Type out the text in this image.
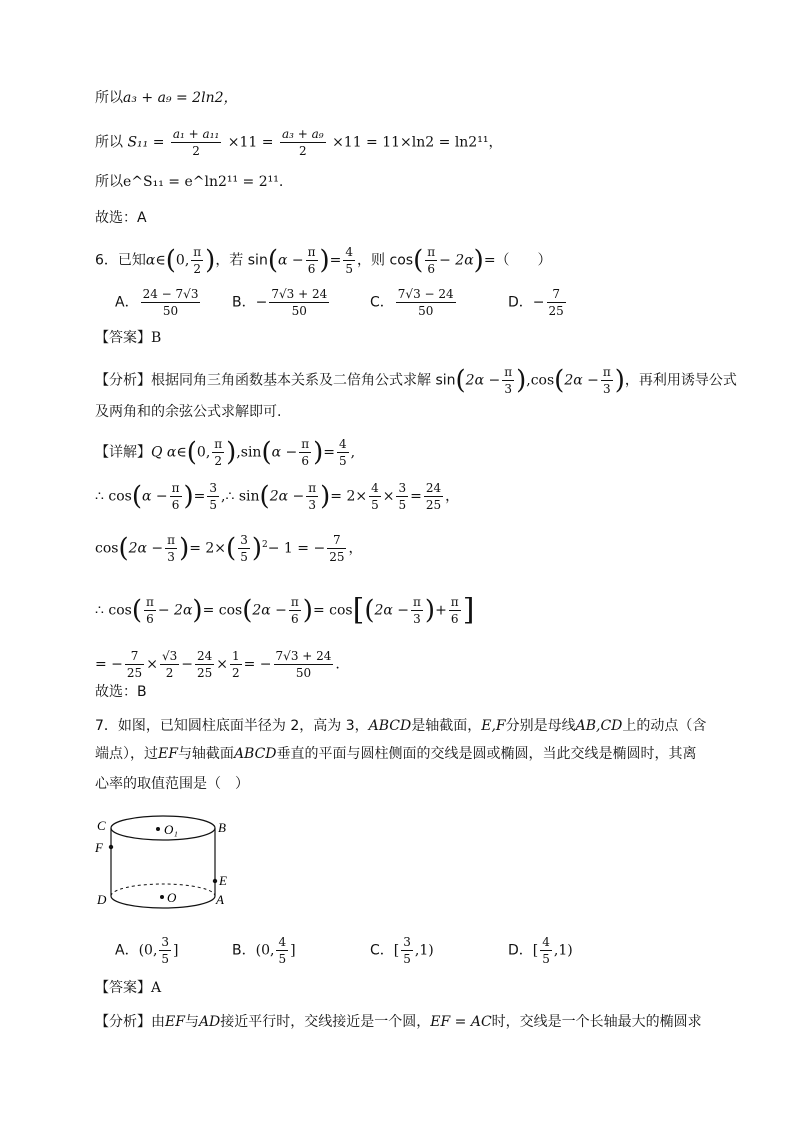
所以a₃ + a₉ = 2ln2，
所以 $S_{11} = \frac{\text{a₁ + a₁₁}}{2} \times 11 = \frac{\text{a₃ + a₉}}{2} \times 11 = 11\times\ln 2 = \ln 2^{11}$，
所以e^S₁₁ = e^ln2¹¹ = 2¹¹.
故选：A
6．已知α∈(0, $\frac{\pi}{2}$ )，若 $\sin(\alpha - \frac{\pi}{6}$ )= $\frac{4}{5}$ ，则 $\cos( \frac{\pi}{6} - 2\alpha)=$（　　）
A． $\frac{24 - 7√3}{50}$ B．− $\frac{7√3 + 24}{50}$	C． $\frac{7√3 - 24}{50}$	D．− $\frac{7}{25}$
【答案】B
【分析】根据同角三角函数基本关系及二倍角公式求解 $\sin(2\alpha - \frac{\pi}{3} ),\cos(2\alpha - \frac{\pi}{3}$ )，再利用诱导公式
及两角和的余弦公式求解即可.
【详解】Q α∈(0, $\frac{\pi}{2} ),\sin(\alpha - \frac{\pi}{6}$ )= $\frac{4}{5}$ ,
∴ $\cos(\alpha - \frac{\pi}{6}$ )= $\frac{3}{5}$ ,∴ $\sin(2\alpha - \frac{\pi}{3}$ )= $2\times \frac{4}{5} \times \frac{3}{5} = \frac{24}{25}$ ，
$\cos(2\alpha - \frac{\pi}{3}$ )= $2\times( \frac{3}{5} )^2- 1$ = − $\frac{7}{25}$ ，
∴ $\cos( \frac{\pi}{6} - 2\alpha)= \cos(2\alpha - \frac{\pi}{6}$ )= $\cos[(2\alpha - \frac{\pi}{3}$ )+ $\frac{\pi}{6}$ ]
= − $\frac{7}{25} \times \frac{√3}{2} - \frac{24}{25} \times \frac{1}{2}$ = − $\frac{7√3 + 24}{50}$ .
故选：B
7．如图，已知圆柱底面半径为 2，高为 3，ABCD是轴截面，E,F分别是母线AB,CD上的动点（含
端点），过EF与轴截面ABCD垂直的平面与圆柱侧面的交线是圆或椭圆，当此交线是椭圆时，其离
心率的取值范围是（　）
C	B
F
E
D	A
O₁
O
A．(0, $\frac{3}{5}$ ]	B．(0, $\frac{4}{5}$ ]	C．[ $\frac{3}{5} ,1$)	D．[ $\frac{4}{5} ,1$)
【答案】A
【分析】由EF与AD接近平行时，交线接近是一个圆，EF = AC时，交线是一个长轴最大的椭圆求
